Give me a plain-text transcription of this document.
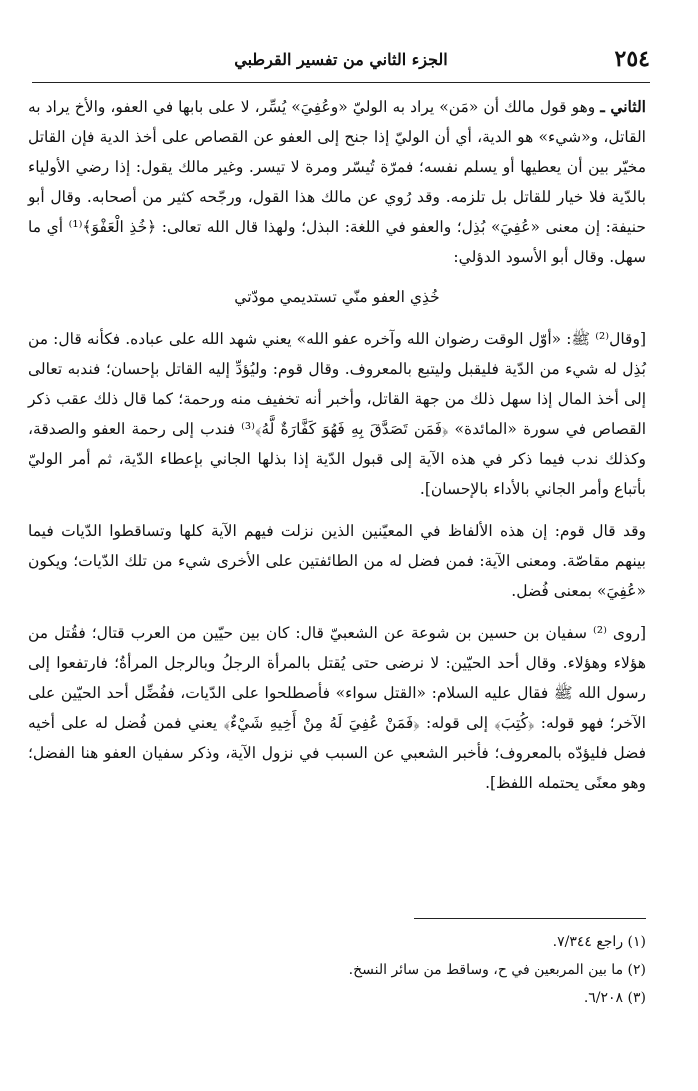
٢٥٤
الجزء الثاني من تفسير القرطبي

الثاني ـ وهو قول مالك أن «مَن» يراد به الوليّ «وعُفِيَ» يُسِّر، لا على بابها في العفو، والأخ يراد به القاتل، و«شيء» هو الدية، أي أن الوليّ إذا جنح إلى العفو عن القصاص على أخذ الدية فإن القاتل مخيّر بين أن يعطيها أو يسلم نفسه؛ فمرّة تُيسّر ومرة لا تيسر. وغير مالك يقول: إذا رضي الأولياء بالدّية فلا خيار للقاتل بل تلزمه. وقد رُوي عن مالك هذا القول، ورجّحه كثير من أصحابه. وقال أبو حنيفة: إن معنى «عُفِيَ» بُذِل؛ والعفو في اللغة: البذل؛ ولهذا قال الله تعالى: ﴿خُذِ الْعَفْوَ﴾⁽¹⁾ أي ما سهل. وقال أبو الأسود الدؤلي:

خُذِي العفو منّي تستديمي مودّتي

[وقال⁽²⁾ ﷺ: «أوّل الوقت رضوان الله وآخره عفو الله» يعني شهد الله على عباده. فكأنه قال: من بُذِل له شيء من الدّية فليقبل وليتبع بالمعروف. وقال قوم: وليُؤدِّ إليه القاتل بإحسان؛ فندبه تعالى إلى أخذ المال إذا سهل ذلك من جهة القاتل، وأخبر أنه تخفيف منه ورحمة؛ كما قال ذلك عقب ذكر القصاص في سورة «المائدة» ﴿فَمَن تَصَدَّقَ بِهِ فَهُوَ كَفَّارَةٌ لَّهُ﴾⁽³⁾ فندب إلى رحمة العفو والصدقة، وكذلك ندب فيما ذكر في هذه الآية إلى قبول الدّية إذا بذلها الجاني بإعطاء الدّية، ثم أمر الوليّ بأتباع وأمر الجاني بالأداء بالإحسان].

وقد قال قوم: إن هذه الألفاظ في المعيّنين الذين نزلت فيهم الآية كلها وتساقطوا الدّيات فيما بينهم مقاصّة. ومعنى الآية: فمن فضل له من الطائفتين على الأخرى شيء من تلك الدّيات؛ ويكون «عُفِيَ» بمعنى فُضل.

[روى ⁽²⁾ سفيان بن حسين بن شوعة عن الشعبيّ قال: كان بين حيّين من العرب قتال؛ فقُتل من هؤلاء وهؤلاء. وقال أحد الحيّين: لا نرضى حتى يُقتل بالمرأة الرجلُ وبالرجل المرأةُ؛ فارتفعوا إلى رسول الله ﷺ فقال عليه السلام: «القتل سواء» فأصطلحوا على الدّيات، ففُضِّل أحد الحيّين على الآخر؛ فهو قوله: ﴿كُتِبَ﴾ إلى قوله: ﴿فَمَنْ عُفِيَ لَهُ مِنْ أَخِيهِ شَيْءٌ﴾ يعني فمن فُضل له على أخيه فضل فليؤدّه بالمعروف؛ فأخبر الشعبي عن السبب في نزول الآية، وذكر سفيان العفو هنا الفضل؛ وهو معنًى يحتمله اللفظ].

(١) راجع ٧/٣٤٤.

(٢) ما بين المربعين في ح، وساقط من سائر النسخ.

(٣) ٦/٢٠٨.
